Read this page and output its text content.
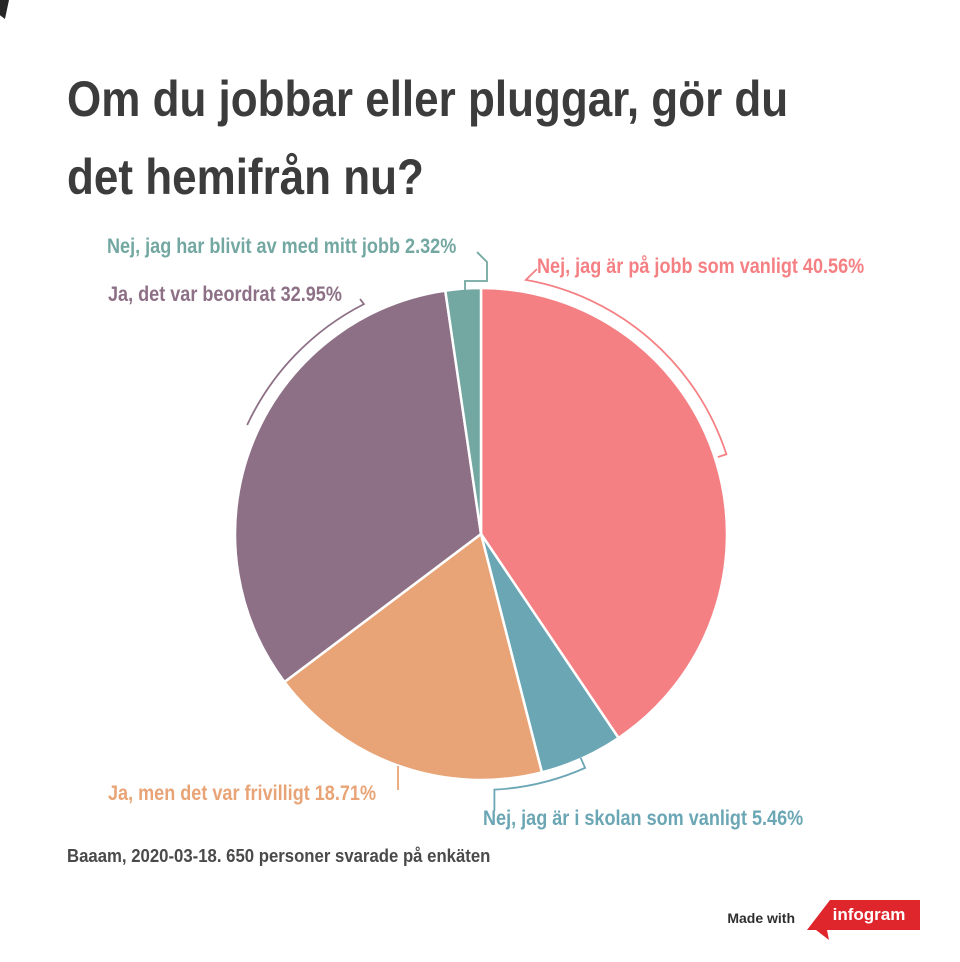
Om du jobbar eller pluggar, gör du
det hemifrån nu?
Nej, jag är på jobb som vanligt 40.56%
Nej, jag är i skolan som vanligt 5.46%
Ja, men det var frivilligt 18.71%
Ja, det var beordrat 32.95%
Nej, jag har blivit av med mitt jobb 2.32%
Baaam, 2020-03-18. 650 personer svarade på enkäten
Made with	infogram
